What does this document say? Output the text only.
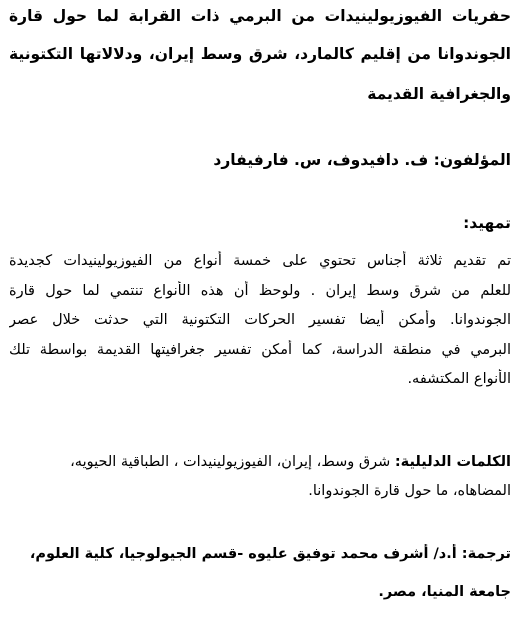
حفريات الفيوزيولينيدات من البرمي ذات القرابة لما حول قارة
الجوندوانا من إقليم كالمارد، شرق وسط إيران، ودلالاتها التكتونية
والجغرافية القديمة
المؤلفون: ف. دافيدوف، س. فارفيفارد
تمهيد:
تم تقديم ثلاثة أجناس تحتوي على خمسة أنواع من الفيوزيولينيدات كجديدة
للعلم من شرق وسط إيران . ولوحظ أن هذه الأنواع تنتمي لما حول قارة
الجوندوانا. وأمكن أيضا تفسير الحركات التكتونية التي حدثت خلال عصر
البرمي في منطقة الدراسة، كما أمكن تفسير جغرافيتها القديمة بواسطة تلك
الأنواع المكتشفه.
الكلمات الدليلية: شرق وسط، إيران، الفيوزيولينيدات ، الطباقية الحيويه،
المضاهاه، ما حول قارة الجوندوانا.
ترجمة: أ.د/ أشرف محمد توفيق عليوه -قسم الجيولوجيا، كلية العلوم،
جامعة المنيا، مصر.
